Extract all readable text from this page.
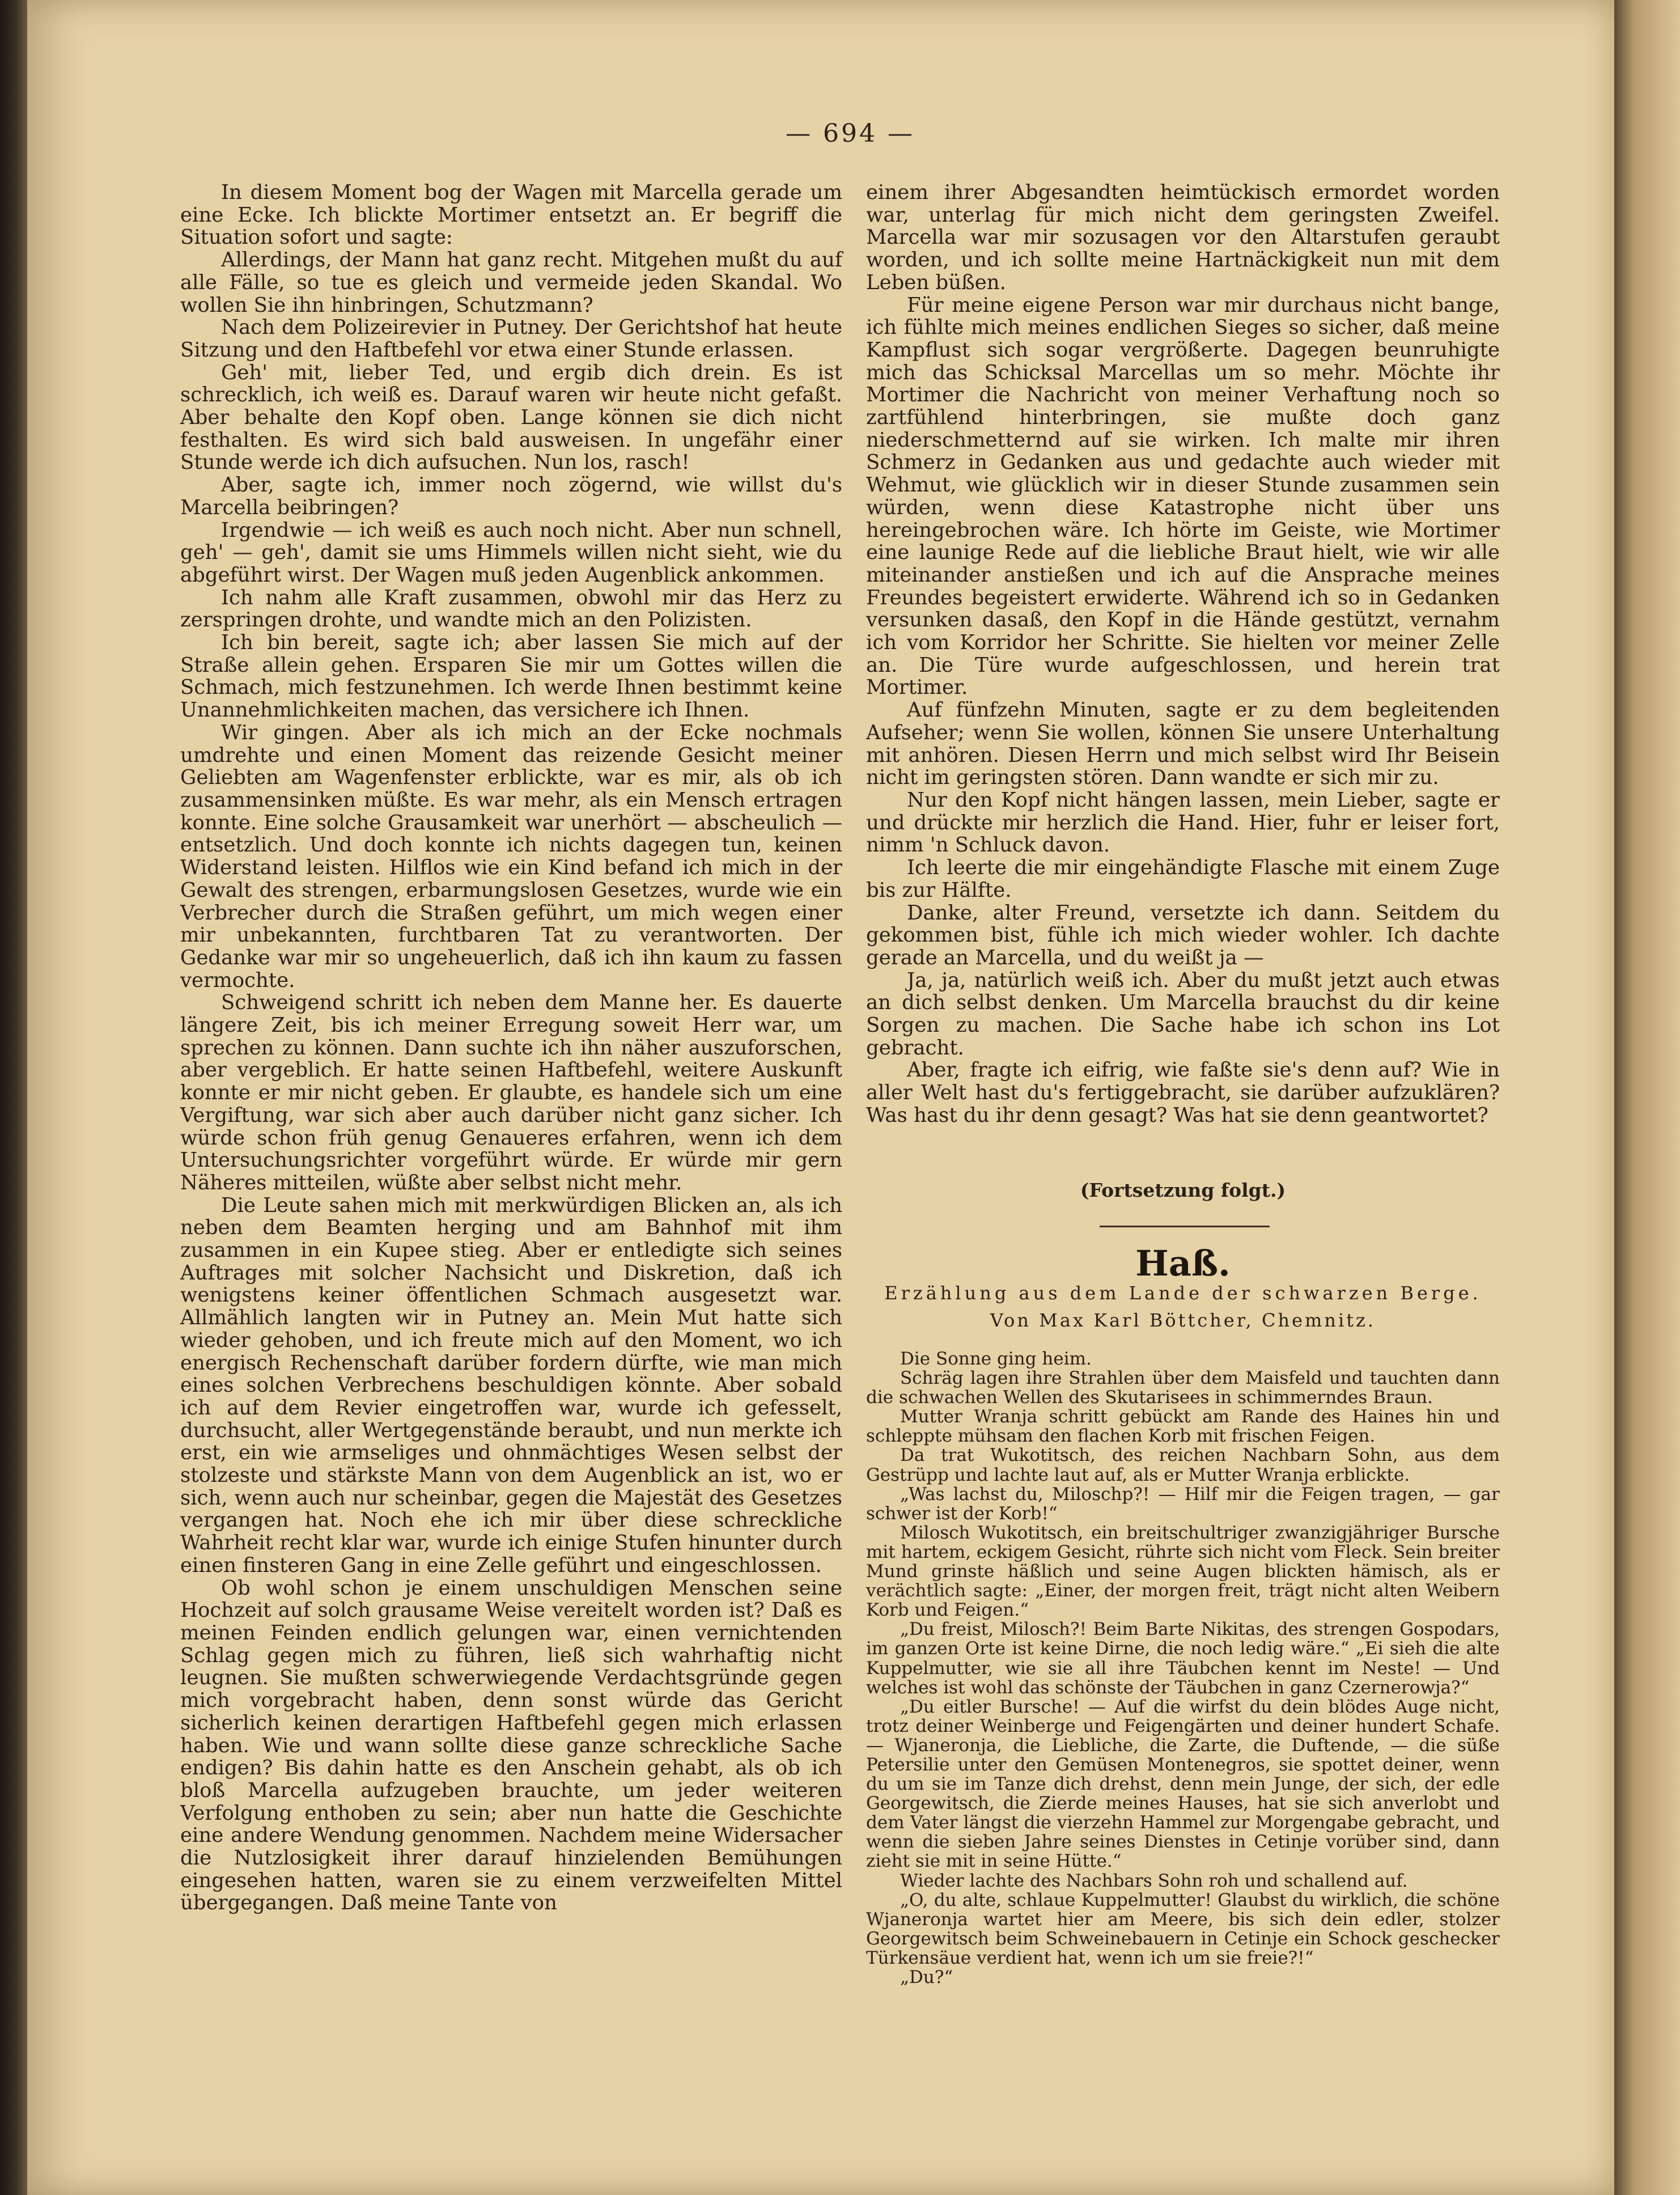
— 694 —

In diesem Moment bog der Wagen mit Marcella gerade um eine Ecke. Ich blickte Mortimer entsetzt an. Er begriff die Situation sofort und sagte:

Allerdings, der Mann hat ganz recht. Mitgehen mußt du auf alle Fälle, so tue es gleich und vermeide jeden Skandal. Wo wollen Sie ihn hinbringen, Schutzmann?

Nach dem Polizeirevier in Putney. Der Gerichtshof hat heute Sitzung und den Haftbefehl vor etwa einer Stunde erlassen.

Geh' mit, lieber Ted, und ergib dich drein. Es ist schrecklich, ich weiß es. Darauf waren wir heute nicht gefaßt. Aber behalte den Kopf oben. Lange können sie dich nicht festhalten. Es wird sich bald ausweisen. In ungefähr einer Stunde werde ich dich aufsuchen. Nun los, rasch!

Aber, sagte ich, immer noch zögernd, wie willst du's Marcella beibringen?

Irgendwie — ich weiß es auch noch nicht. Aber nun schnell, geh' — geh', damit sie ums Himmels willen nicht sieht, wie du abgeführt wirst. Der Wagen muß jeden Augenblick ankommen.

Ich nahm alle Kraft zusammen, obwohl mir das Herz zu zerspringen drohte, und wandte mich an den Polizisten.

Ich bin bereit, sagte ich; aber lassen Sie mich auf der Straße allein gehen. Ersparen Sie mir um Gottes willen die Schmach, mich festzunehmen. Ich werde Ihnen bestimmt keine Unannehmlichkeiten machen, das versichere ich Ihnen.

Wir gingen. Aber als ich mich an der Ecke nochmals umdrehte und einen Moment das reizende Gesicht meiner Geliebten am Wagenfenster erblickte, war es mir, als ob ich zusammensinken müßte. Es war mehr, als ein Mensch ertragen konnte. Eine solche Grausamkeit war unerhört — abscheulich — entsetzlich. Und doch konnte ich nichts dagegen tun, keinen Widerstand leisten. Hilflos wie ein Kind befand ich mich in der Gewalt des strengen, erbarmungslosen Gesetzes, wurde wie ein Verbrecher durch die Straßen geführt, um mich wegen einer mir unbekannten, furchtbaren Tat zu verantworten. Der Gedanke war mir so ungeheuerlich, daß ich ihn kaum zu fassen vermochte.

Schweigend schritt ich neben dem Manne her. Es dauerte längere Zeit, bis ich meiner Erregung soweit Herr war, um sprechen zu können. Dann suchte ich ihn näher auszuforschen, aber vergeblich. Er hatte seinen Haftbefehl, weitere Auskunft konnte er mir nicht geben. Er glaubte, es handele sich um eine Vergiftung, war sich aber auch darüber nicht ganz sicher. Ich würde schon früh genug Genaueres erfahren, wenn ich dem Untersuchungsrichter vorgeführt würde. Er würde mir gern Näheres mitteilen, wüßte aber selbst nicht mehr.

Die Leute sahen mich mit merkwürdigen Blicken an, als ich neben dem Beamten herging und am Bahnhof mit ihm zusammen in ein Kupee stieg. Aber er entledigte sich seines Auftrages mit solcher Nachsicht und Diskretion, daß ich wenigstens keiner öffentlichen Schmach ausgesetzt war. Allmählich langten wir in Putney an. Mein Mut hatte sich wieder gehoben, und ich freute mich auf den Moment, wo ich energisch Rechenschaft darüber fordern dürfte, wie man mich eines solchen Verbrechens beschuldigen könnte. Aber sobald ich auf dem Revier eingetroffen war, wurde ich gefesselt, durchsucht, aller Wertgegenstände beraubt, und nun merkte ich erst, ein wie armseliges und ohnmächtiges Wesen selbst der stolzeste und stärkste Mann von dem Augenblick an ist, wo er sich, wenn auch nur scheinbar, gegen die Majestät des Gesetzes vergangen hat. Noch ehe ich mir über diese schreckliche Wahrheit recht klar war, wurde ich einige Stufen hinunter durch einen finsteren Gang in eine Zelle geführt und eingeschlossen.

Ob wohl schon je einem unschuldigen Menschen seine Hochzeit auf solch grausame Weise vereitelt worden ist? Daß es meinen Feinden endlich gelungen war, einen vernichtenden Schlag gegen mich zu führen, ließ sich wahrhaftig nicht leugnen. Sie mußten schwerwiegende Verdachtsgründe gegen mich vorgebracht haben, denn sonst würde das Gericht sicherlich keinen derartigen Haftbefehl gegen mich erlassen haben. Wie und wann sollte diese ganze schreckliche Sache endigen? Bis dahin hatte es den Anschein gehabt, als ob ich bloß Marcella aufzugeben brauchte, um jeder weiteren Verfolgung enthoben zu sein; aber nun hatte die Geschichte eine andere Wendung genommen. Nachdem meine Widersacher die Nutzlosigkeit ihrer darauf hinzielenden Bemühungen eingesehen hatten, waren sie zu einem verzweifelten Mittel übergegangen. Daß meine Tante von

einem ihrer Abgesandten heimtückisch ermordet worden war, unterlag für mich nicht dem geringsten Zweifel. Marcella war mir sozusagen vor den Altarstufen geraubt worden, und ich sollte meine Hartnäckigkeit nun mit dem Leben büßen.

Für meine eigene Person war mir durchaus nicht bange, ich fühlte mich meines endlichen Sieges so sicher, daß meine Kampflust sich sogar vergrößerte. Dagegen beunruhigte mich das Schicksal Marcellas um so mehr. Möchte ihr Mortimer die Nachricht von meiner Verhaftung noch so zartfühlend hinterbringen, sie mußte doch ganz niederschmetternd auf sie wirken. Ich malte mir ihren Schmerz in Gedanken aus und gedachte auch wieder mit Wehmut, wie glücklich wir in dieser Stunde zusammen sein würden, wenn diese Katastrophe nicht über uns hereingebrochen wäre. Ich hörte im Geiste, wie Mortimer eine launige Rede auf die liebliche Braut hielt, wie wir alle miteinander anstießen und ich auf die Ansprache meines Freundes begeistert erwiderte. Während ich so in Gedanken versunken dasaß, den Kopf in die Hände gestützt, vernahm ich vom Korridor her Schritte. Sie hielten vor meiner Zelle an. Die Türe wurde aufgeschlossen, und herein trat Mortimer.

Auf fünfzehn Minuten, sagte er zu dem begleitenden Aufseher; wenn Sie wollen, können Sie unsere Unterhaltung mit anhören. Diesen Herrn und mich selbst wird Ihr Beisein nicht im geringsten stören. Dann wandte er sich mir zu.

Nur den Kopf nicht hängen lassen, mein Lieber, sagte er und drückte mir herzlich die Hand. Hier, fuhr er leiser fort, nimm 'n Schluck davon.

Ich leerte die mir eingehändigte Flasche mit einem Zuge bis zur Hälfte.

Danke, alter Freund, versetzte ich dann. Seitdem du gekommen bist, fühle ich mich wieder wohler. Ich dachte gerade an Marcella, und du weißt ja —

Ja, ja, natürlich weiß ich. Aber du mußt jetzt auch etwas an dich selbst denken. Um Marcella brauchst du dir keine Sorgen zu machen. Die Sache habe ich schon ins Lot gebracht.

Aber, fragte ich eifrig, wie faßte sie's denn auf? Wie in aller Welt hast du's fertiggebracht, sie darüber aufzuklären? Was hast du ihr denn gesagt? Was hat sie denn geantwortet?

(Fortsetzung folgt.)
Haß.
Erzählung aus dem Lande der schwarzen Berge.
Von Max Karl Böttcher, Chemnitz.

Die Sonne ging heim.

Schräg lagen ihre Strahlen über dem Maisfeld und tauchten dann die schwachen Wellen des Skutarisees in schimmerndes Braun.

Mutter Wranja schritt gebückt am Rande des Haines hin und schleppte mühsam den flachen Korb mit frischen Feigen.

Da trat Wukotitsch, des reichen Nachbarn Sohn, aus dem Gestrüpp und lachte laut auf, als er Mutter Wranja erblickte.

„Was lachst du, Miloschp?! — Hilf mir die Feigen tragen, — gar schwer ist der Korb!“

Milosch Wukotitsch, ein breitschultriger zwanzigjähriger Bursche mit hartem, eckigem Gesicht, rührte sich nicht vom Fleck. Sein breiter Mund grinste häßlich und seine Augen blickten hämisch, als er verächtlich sagte: „Einer, der morgen freit, trägt nicht alten Weibern Korb und Feigen.“

„Du freist, Milosch?! Beim Barte Nikitas, des strengen Gospodars, im ganzen Orte ist keine Dirne, die noch ledig wäre.“ „Ei sieh die alte Kuppelmutter, wie sie all ihre Täubchen kennt im Neste! — Und welches ist wohl das schönste der Täubchen in ganz Czernerowja?“

„Du eitler Bursche! — Auf die wirfst du dein blödes Auge nicht, trotz deiner Weinberge und Feigengärten und deiner hundert Schafe. — Wjaneronja, die Liebliche, die Zarte, die Duftende, — die süße Petersilie unter den Gemüsen Montenegros, sie spottet deiner, wenn du um sie im Tanze dich drehst, denn mein Junge, der sich, der edle Georgewitsch, die Zierde meines Hauses, hat sie sich anverlobt und dem Vater längst die vierzehn Hammel zur Morgengabe gebracht, und wenn die sieben Jahre seines Dienstes in Cetinje vorüber sind, dann zieht sie mit in seine Hütte.“

Wieder lachte des Nachbars Sohn roh und schallend auf.

„O, du alte, schlaue Kuppelmutter! Glaubst du wirklich, die schöne Wjaneronja wartet hier am Meere, bis sich dein edler, stolzer Georgewitsch beim Schweinebauern in Cetinje ein Schock geschecker Türkensäue verdient hat, wenn ich um sie freie?!“

„Du?“
